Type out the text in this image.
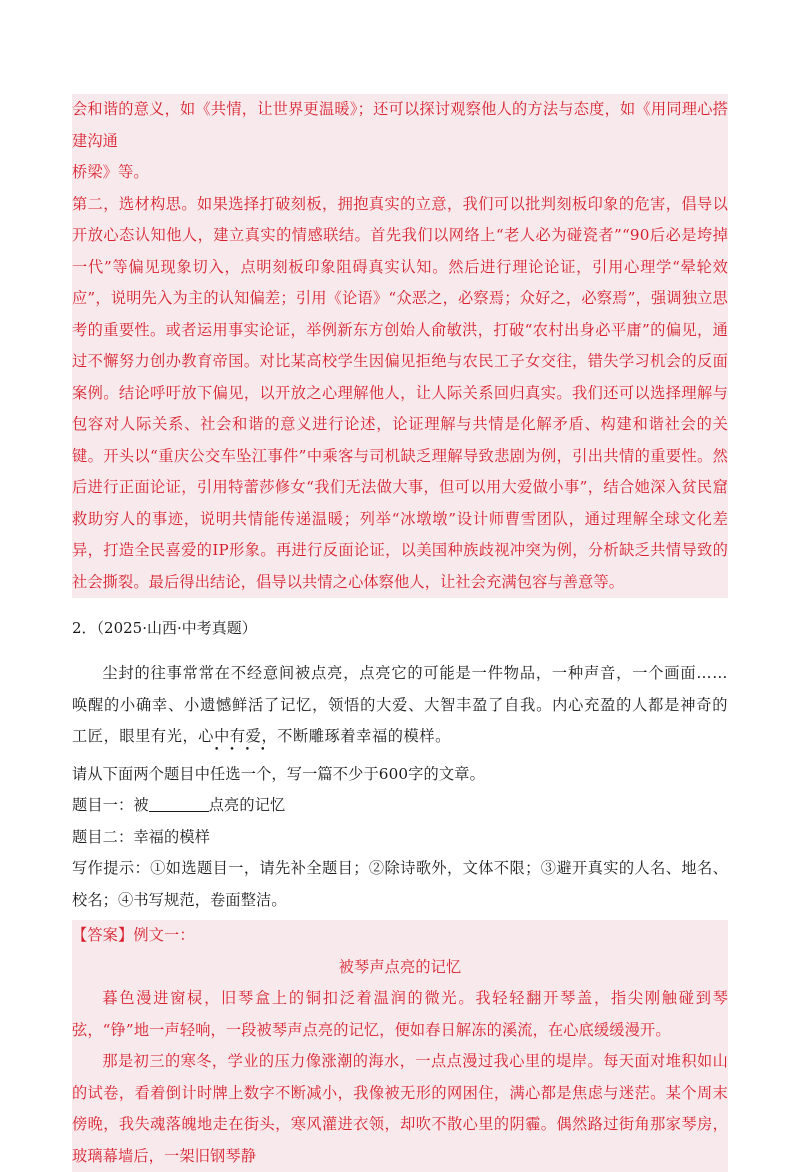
会和谐的意义，如《共情，让世界更温暖》；还可以探讨观察他人的方法与态度，如《用同理心搭建沟通

桥梁》等。

第二，选材构思。如果选择打破刻板，拥抱真实的立意，我们可以批判刻板印象的危害，倡导以开放心态认知他人，建立真实的情感联结。首先我们以网络上“老人必为碰瓷者”“90后必是垮掉一代”等偏见现象切入，点明刻板印象阻碍真实认知。然后进行理论论证，引用心理学“晕轮效应”，说明先入为主的认知偏差；引用《论语》“众恶之，必察焉；众好之，必察焉”，强调独立思考的重要性。或者运用事实论证，举例新东方创始人俞敏洪，打破“农村出身必平庸”的偏见，通过不懈努力创办教育帝国。对比某高校学生因偏见拒绝与农民工子女交往，错失学习机会的反面案例。结论呼吁放下偏见，以开放之心理解他人，让人际关系回归真实。我们还可以选择理解与包容对人际关系、社会和谐的意义进行论述，论证理解与共情是化解矛盾、构建和谐社会的关键。开头以“重庆公交车坠江事件”中乘客与司机缺乏理解导致悲剧为例，引出共情的重要性。然后进行正面论证，引用特蕾莎修女“我们无法做大事，但可以用大爱做小事”，结合她深入贫民窟救助穷人的事迹，说明共情能传递温暖；列举“冰墩墩”设计师曹雪团队，通过理解全球文化差异，打造全民喜爱的IP形象。再进行反面论证，以美国种族歧视冲突为例，分析缺乏共情导致的社会撕裂。最后得出结论，倡导以共情之心体察他人，让社会充满包容与善意等。

2．（2025·山西·中考真题）

尘封的往事常常在不经意间被点亮，点亮它的可能是一件物品，一种声音，一个画面……唤醒的小确幸、小遗憾鲜活了记忆，领悟的大爱、大智丰盈了自我。内心充盈的人都是神奇的工匠，眼里有光，心中有爱，不断雕琢着幸福的模样。

请从下面两个题目中任选一个，写一篇不少于600字的文章。

题目一：被	点亮的记忆

题目二：幸福的模样

写作提示：①如选题目一，请先补全题目；②除诗歌外，文体不限；③避开真实的人名、地名、校名；④书写规范，卷面整洁。

【答案】例文一：

被琴声点亮的记忆

暮色漫进窗棂，旧琴盒上的铜扣泛着温润的微光。我轻轻翻开琴盖，指尖刚触碰到琴弦，“铮”地一声轻响，一段被琴声点亮的记忆，便如春日解冻的溪流，在心底缓缓漫开。

那是初三的寒冬，学业的压力像涨潮的海水，一点点漫过我心里的堤岸。每天面对堆积如山的试卷，看着倒计时牌上数字不断减小，我像被无形的网困住，满心都是焦虑与迷茫。某个周末傍晚，我失魂落魄地走在街头，寒风灌进衣领，却吹不散心里的阴霾。偶然路过街角那家琴房，玻璃幕墙后，一架旧钢琴静
